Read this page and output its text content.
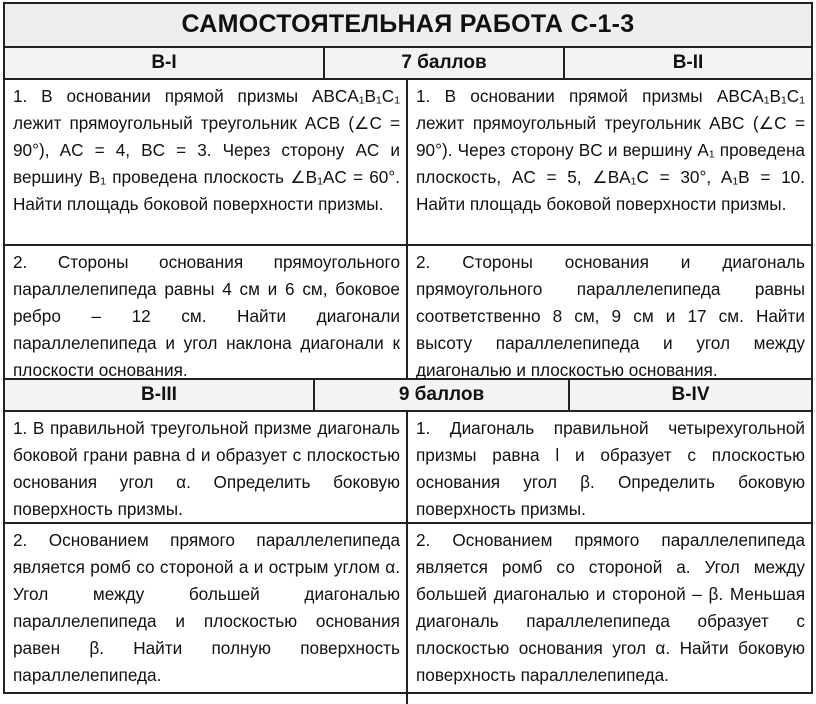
САМОСТОЯТЕЛЬНАЯ РАБОТА С-1-3
В-I	7 баллов	В-II
1. В основании прямой призмы ABCA₁B₁C₁ лежит прямоугольный треугольник ACB (∠C = 90°), AC = 4, BC = 3. Через сторону AC и вершину B₁ проведена плоскость ∠B₁AC = 60°. Найти площадь боковой поверхности призмы.
1. В основании прямой призмы ABCA₁B₁C₁ лежит прямоугольный треугольник ABC (∠C = 90°). Через сторону BC и вершину A₁ проведена плоскость, AC = 5, ∠BA₁C = 30°, A₁B = 10. Найти площадь боковой поверхности призмы.
2. Стороны основания прямоугольного параллелепипеда равны 4 см и 6 см, боковое ребро – 12 см. Найти диагонали параллелепипеда и угол наклона диагонали к плоскости основания.
2. Стороны основания и диагональ прямоугольного параллелепипеда равны соответственно 8 см, 9 см и 17 см. Найти высоту параллелепипеда и угол между диагональю и плоскостью основания.
В-III	9 баллов	В-IV
1. В правильной треугольной призме диагональ боковой грани равна d и образует с плоскостью основания угол α. Определить боковую поверхность призмы.
1. Диагональ правильной четырехугольной призмы равна l и образует с плоскостью основания угол β. Определить боковую поверхность призмы.
2. Основанием прямого параллелепипеда является ромб со стороной a и острым углом α. Угол между большей диагональю параллелепипеда и плоскостью основания равен β. Найти полную поверхность параллелепипеда.
2. Основанием прямого параллелепипеда является ромб со стороной a. Угол между большей диагональю и стороной – β. Меньшая диагональ параллелепипеда образует с плоскостью основания угол α. Найти боковую поверхность параллелепипеда.
